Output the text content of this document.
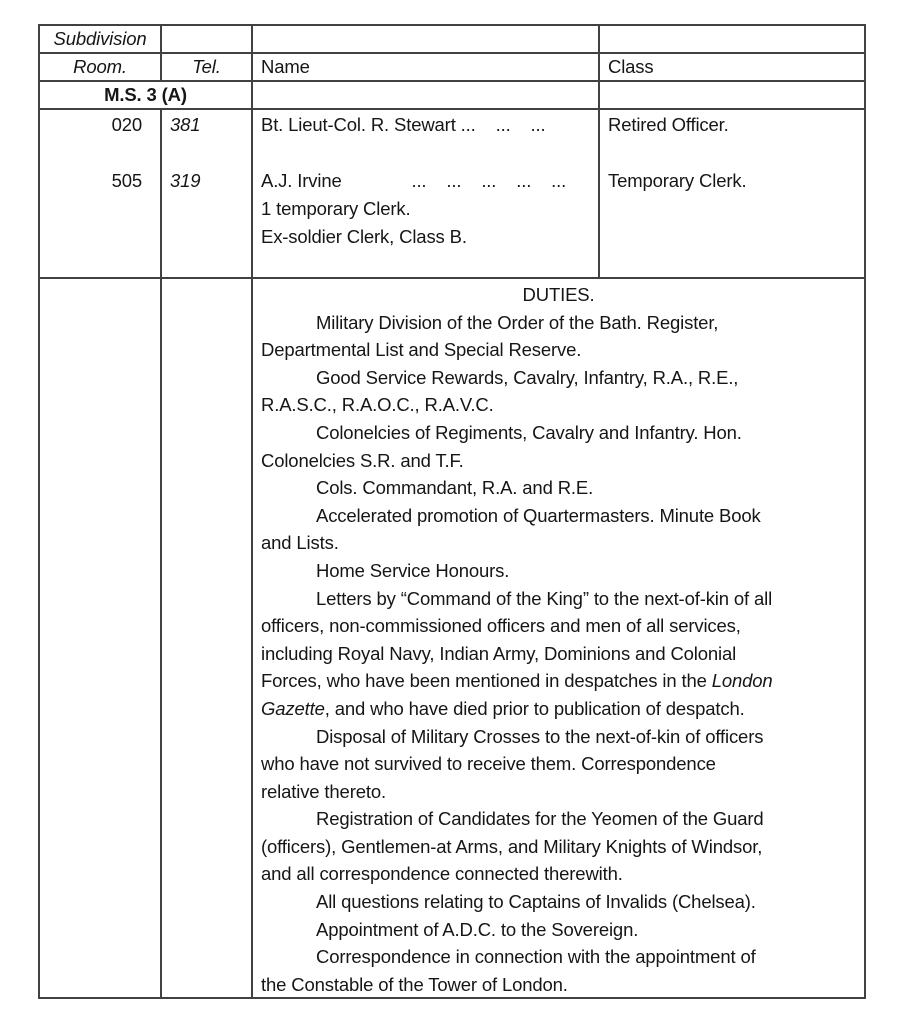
Subdivision
Room.	Tel. Name	Class
M.S. 3 (A)
020
505
381
319
Bt. Lieut-Col. R. Stewart ...    ...    ...
A.J. Irvine              ...    ...    ...    ...    ...
1 temporary Clerk.
Ex-soldier Clerk, Class B.
Retired Officer.
Temporary Clerk.
DUTIES.
Military Division of the Order of the Bath. Register,
Departmental List and Special Reserve.
Good Service Rewards, Cavalry, Infantry, R.A., R.E.,
R.A.S.C., R.A.O.C., R.A.V.C.
Colonelcies of Regiments, Cavalry and Infantry. Hon.
Colonelcies S.R. and T.F.
Cols. Commandant, R.A. and R.E.
Accelerated promotion of Quartermasters. Minute Book
and Lists.
Home Service Honours.
Letters by “Command of the King” to the next-of-kin of all
officers, non-commissioned officers and men of all services,
including Royal Navy, Indian Army, Dominions and Colonial
Forces, who have been mentioned in despatches in the London
Gazette, and who have died prior to publication of despatch.
Disposal of Military Crosses to the next-of-kin of officers
who have not survived to receive them. Correspondence
relative thereto.
Registration of Candidates for the Yeomen of the Guard
(officers), Gentlemen-at Arms, and Military Knights of Windsor,
and all correspondence connected therewith.
All questions relating to Captains of Invalids (Chelsea).
Appointment of A.D.C. to the Sovereign.
Correspondence in connection with the appointment of
the Constable of the Tower of London.
